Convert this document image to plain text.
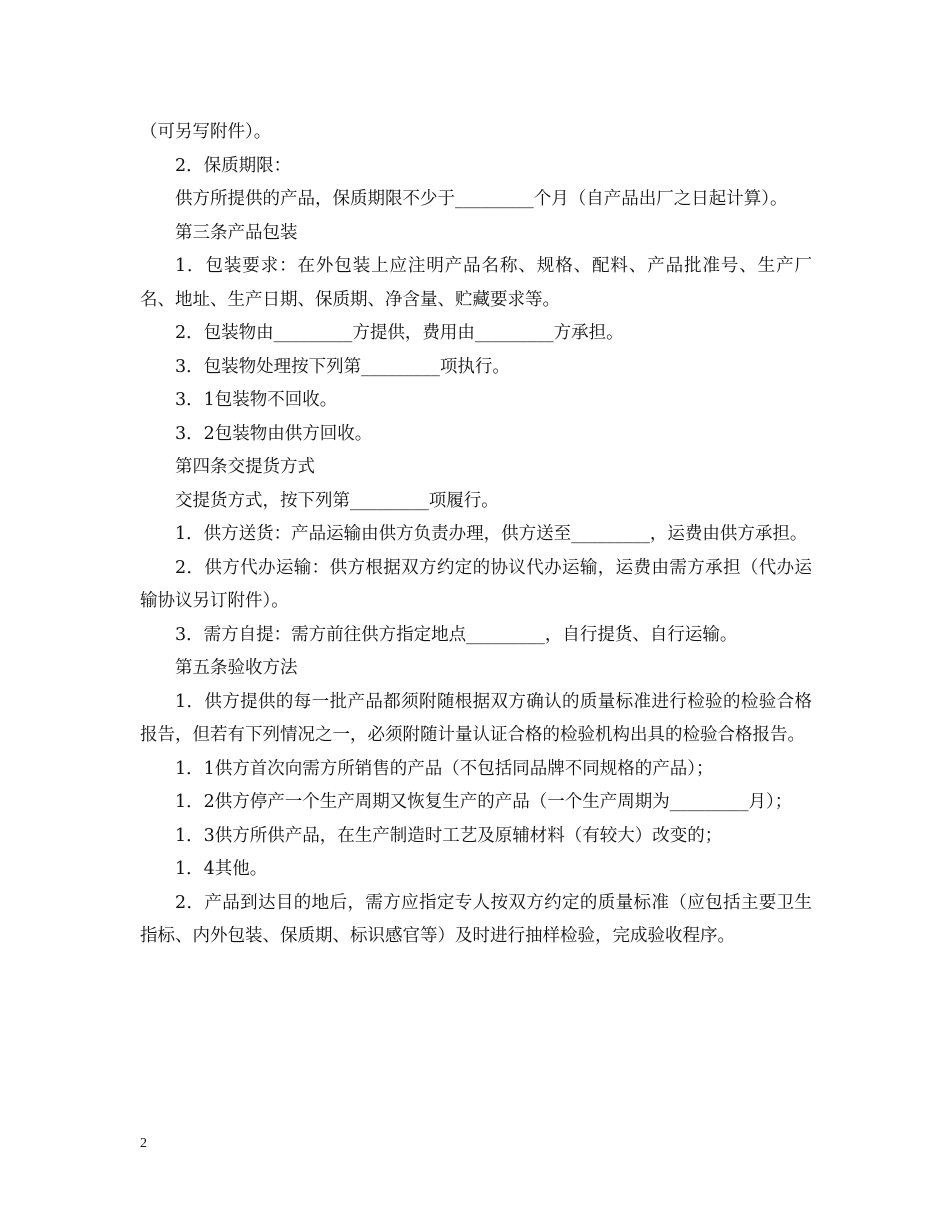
（可另写附件）。

2．保质期限：

供方所提供的产品，保质期限不少于_________个月（自产品出厂之日起计算）。

第三条产品包装

1．包装要求：在外包装上应注明产品名称、规格、配料、产品批准号、生产厂名、地址、生产日期、保质期、净含量、贮藏要求等。

2．包装物由_________方提供，费用由_________方承担。

3．包装物处理按下列第_________项执行。

3．1包装物不回收。

3．2包装物由供方回收。

第四条交提货方式

交提货方式，按下列第_________项履行。

1．供方送货：产品运输由供方负责办理，供方送至_________，运费由供方承担。

2．供方代办运输：供方根据双方约定的协议代办运输，运费由需方承担（代办运输协议另订附件）。

3．需方自提：需方前往供方指定地点_________，自行提货、自行运输。

第五条验收方法

1．供方提供的每一批产品都须附随根据双方确认的质量标准进行检验的检验合格报告，但若有下列情况之一，必须附随计量认证合格的检验机构出具的检验合格报告。

1．1供方首次向需方所销售的产品（不包括同品牌不同规格的产品）；

1．2供方停产一个生产周期又恢复生产的产品（一个生产周期为_________月）；

1．3供方所供产品，在生产制造时工艺及原辅材料（有较大）改变的；

1．4其他。

2．产品到达目的地后，需方应指定专人按双方约定的质量标准（应包括主要卫生指标、内外包装、保质期、标识感官等）及时进行抽样检验，完成验收程序。

2
